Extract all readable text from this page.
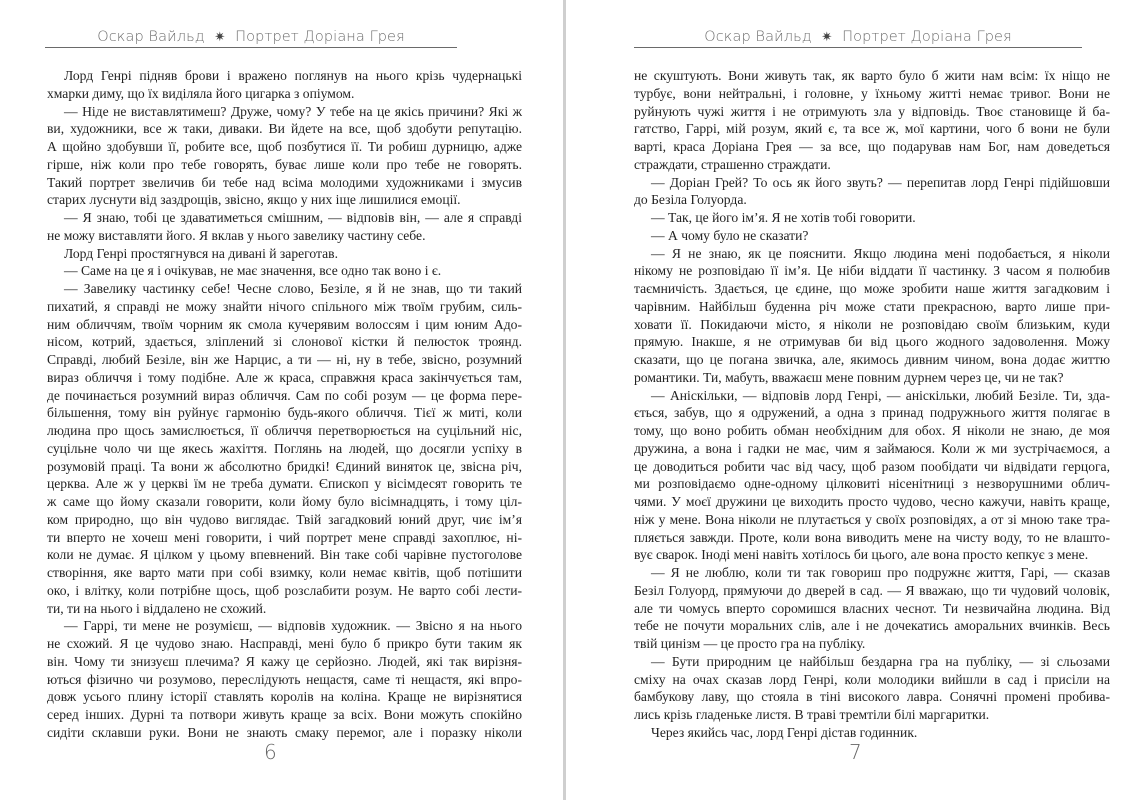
Оскар Вайльд ✷ Портрет Доріана Грея
Лорд Генрі підняв брови і вражено поглянув на нього крізь чудернацькі
хмарки диму, що їх виділяла його цигарка з опіумом.
— Ніде не виставлятимеш? Друже, чому? У тебе на це якісь причини? Які ж
ви, художники, все ж таки, диваки. Ви йдете на все, щоб здобути репутацію.
А щойно здобувши її, робите все, щоб позбутися її. Ти робиш дурницю, адже
гірше, ніж коли про тебе говорять, буває лише коли про тебе не говорять.
Такий портрет звеличив би тебе над всіма молодими художниками і змусив
старих луснути від заздрощів, звісно, якщо у них іще лишилися емоції.
— Я знаю, тобі це здаватиметься смішним, — відповів він, — але я справді
не можу виставляти його. Я вклав у нього завелику частину себе.
Лорд Генрі простягнувся на дивані й зареготав.
— Саме на це я і очікував, не має значення, все одно так воно і є.
— Завелику частинку себе! Чесне слово, Безіле, я й не знав, що ти такий
пихатий, я справді не можу знайти нічого спільного між твоїм грубим, силь-
ним обличчям, твоїм чорним як смола кучерявим волоссям і цим юним Адо-
нісом, котрий, здається, зліплений зі слонової кістки й пелюсток троянд.
Справді, любий Безіле, він же Нарцис, а ти — ні, ну в тебе, звісно, розумний
вираз обличчя і тому подібне. Але ж краса, справжня краса закінчується там,
де починається розумний вираз обличчя. Сам по собі розум — це форма пере-
більшення, тому він руйнує гармонію будь-якого обличчя. Тієї ж миті, коли
людина про щось замислюється, її обличчя перетворюється на суцільний ніс,
суцільне чоло чи ще якесь жахіття. Поглянь на людей, що досягли успіху в
розумовій праці. Та вони ж абсолютно бридкі! Єдиний виняток це, звісна річ,
церква. Але ж у церкві їм не треба думати. Єпископ у вісімдесят говорить те
ж саме що йому сказали говорити, коли йому було вісімнадцять, і тому ціл-
ком природно, що він чудово виглядає. Твій загадковий юний друг, чиє ім’я
ти вперто не хочеш мені говорити, і чий портрет мене справді захоплює, ні-
коли не думає. Я цілком у цьому впевнений. Він таке собі чарівне пустоголове
створіння, яке варто мати при собі взимку, коли немає квітів, щоб потішити
око, і влітку, коли потрібне щось, щоб розслабити розум. Не варто собі лести-
ти, ти на нього і віддалено не схожий.
— Гаррі, ти мене не розумієш, — відповів художник. — Звісно я на нього
не схожий. Я це чудово знаю. Насправді, мені було б прикро бути таким як
він. Чому ти знизуєш плечима? Я кажу це серйозно. Людей, які так вирізня-
ються фізично чи розумово, переслідують нещастя, саме ті нещастя, які впро-
довж усього плину історії ставлять королів на коліна. Краще не вирізнятися
серед інших. Дурні та потвори живуть краще за всіх. Вони можуть спокійно
сидіти склавши руки. Вони не знають смаку перемог, але і поразку ніколи
6
Оскар Вайльд ✷ Портрет Доріана Грея
не скуштують. Вони живуть так, як варто було б жити нам всім: їх ніщо не
турбує, вони нейтральні, і головне, у їхньому житті немає тривог. Вони не
руйнують чужі життя і не отримують зла у відповідь. Твоє становище й ба-
гатство, Гаррі, мій розум, який є, та все ж, мої картини, чого б вони не були
варті, краса Доріана Грея — за все, що подарував нам Бог, нам доведеться
страждати, страшенно страждати.
— Доріан Грей? То ось як його звуть? — перепитав лорд Генрі підійшовши
до Безіла Голуорда.
— Так, це його ім’я. Я не хотів тобі говорити.
— А чому було не сказати?
— Я не знаю, як це пояснити. Якщо людина мені подобається, я ніколи
нікому не розповідаю її ім’я. Це ніби віддати її частинку. З часом я полюбив
таємничість. Здається, це єдине, що може зробити наше життя загадковим і
чарівним. Найбільш буденна річ може стати прекрасною, варто лише при-
ховати її. Покидаючи місто, я ніколи не розповідаю своїм близьким, куди
прямую. Інакше, я не отримував би від цього жодного задоволення. Можу
сказати, що це погана звичка, але, якимось дивним чином, вона додає життю
романтики. Ти, мабуть, вважаєш мене повним дурнем через це, чи не так?
— Аніскільки, — відповів лорд Генрі, — аніскільки, любий Безіле. Ти, зда-
ється, забув, що я одружений, а одна з принад подружнього життя полягає в
тому, що воно робить обман необхідним для обох. Я ніколи не знаю, де моя
дружина, а вона і гадки не має, чим я займаюся. Коли ж ми зустрічаємося, а
це доводиться робити час від часу, щоб разом пообідати чи відвідати герцога,
ми розповідаємо одне-одному цілковиті нісенітниці з незворушними облич-
чями. У моєї дружини це виходить просто чудово, чесно кажучи, навіть краще,
ніж у мене. Вона ніколи не плутається у своїх розповідях, а от зі мною таке тра-
пляється завжди. Проте, коли вона виводить мене на чисту воду, то не влашто-
вує сварок. Іноді мені навіть хотілось би цього, але вона просто кепкує з мене.
— Я не люблю, коли ти так говориш про подружнє життя, Гарі, — сказав
Безіл Голуорд, прямуючи до дверей в сад. — Я вважаю, що ти чудовий чоловік,
але ти чомусь вперто соромишся власних чеснот. Ти незвичайна людина. Від
тебе не почути моральних слів, але і не дочекатись аморальних вчинків. Весь
твій цинізм — це просто гра на публіку.
— Бути природним це найбільш бездарна гра на публіку, — зі сльозами
сміху на очах сказав лорд Генрі, коли молодики вийшли в сад і присіли на
бамбукову лаву, що стояла в тіні високого лавра. Сонячні промені пробива-
лись крізь гладеньке листя. В траві тремтіли білі маргаритки.
Через якийсь час, лорд Генрі дістав годинник.
7
